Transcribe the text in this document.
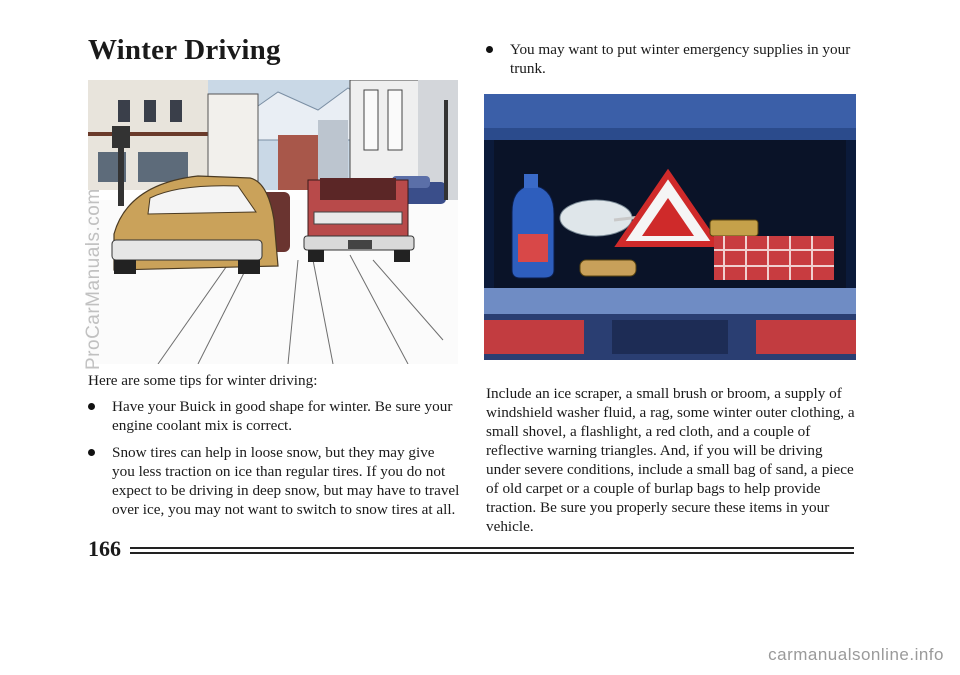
Winter Driving

Here are some tips for winter driving:

Have your Buick in good shape for winter. Be sure your engine coolant mix is correct.
Snow tires can help in loose snow, but they may give you less traction on ice than regular tires. If you do not expect to be driving in deep snow, but may have to travel over ice, you may not want to switch to snow tires at all.
You may want to put winter emergency supplies in your trunk.

Include an ice scraper, a small brush or broom, a supply of windshield washer fluid, a rag, some winter outer clothing, a small shovel, a flashlight, a red cloth, and a couple of reflective warning triangles. And, if you will be driving under severe conditions, include a small bag of sand, a piece of old carpet or a couple of burlap bags to help provide traction. Be sure you properly secure these items in your vehicle.

166
ProCarManuals.com
carmanualsonline.info
